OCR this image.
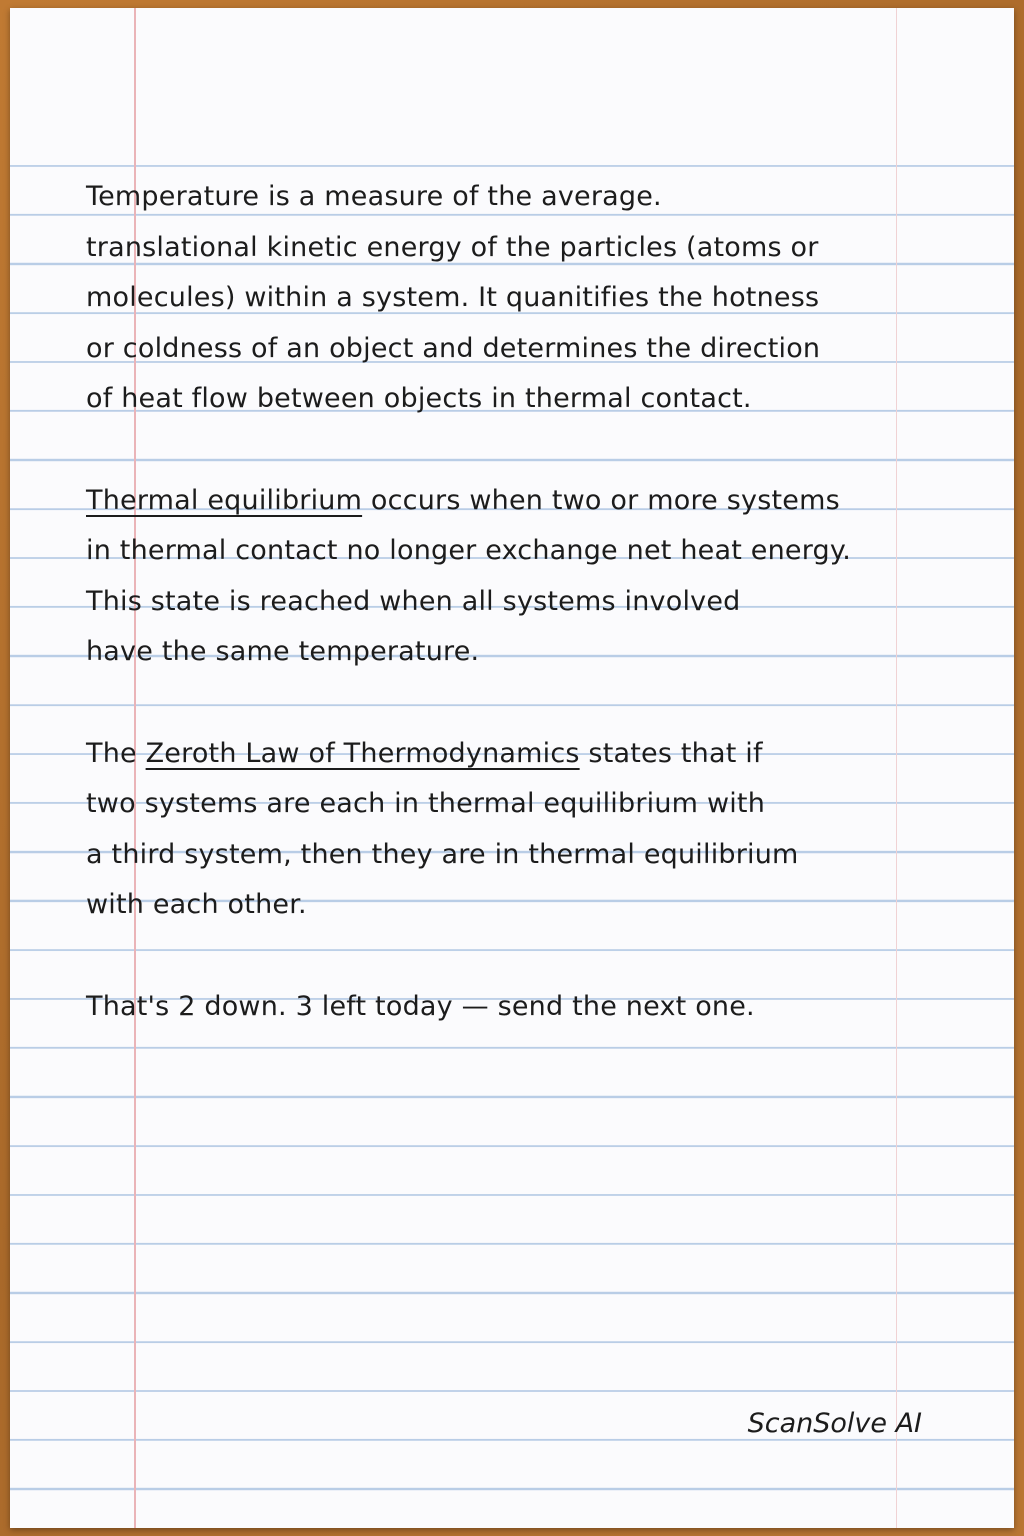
Temperature is a measure of the average.
translational kinetic energy of the particles (atoms or
molecules) within a system. It quanitifies the hotness
or coldness of an object and determines the direction
of heat flow between objects in thermal contact.
Thermal equilibrium occurs when two or more systems
in thermal contact no longer exchange net heat energy.
This state is reached when all systems involved
have the same temperature.
The Zeroth Law of Thermodynamics states that if
two systems are each in thermal equilibrium with
a third system, then they are in thermal equilibrium
with each other.
That's 2 down. 3 left today — send the next one.
ScanSolve AI
